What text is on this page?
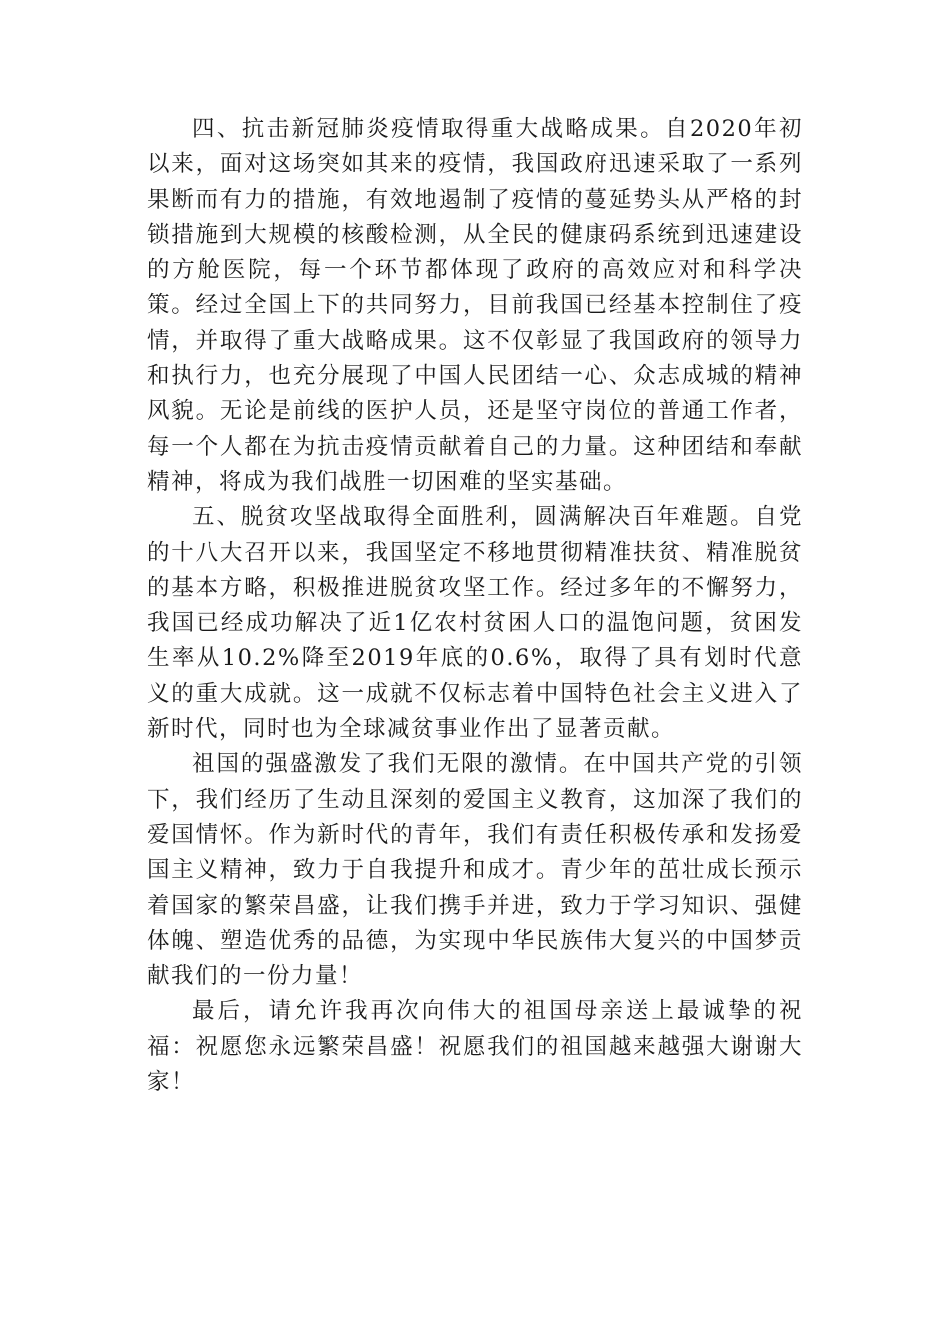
四、抗击新冠肺炎疫情取得重大战略成果。自2020年初以来，面对这场突如其来的疫情，我国政府迅速采取了一系列果断而有力的措施，有效地遏制了疫情的蔓延势头从严格的封锁措施到大规模的核酸检测，从全民的健康码系统到迅速建设的方舱医院，每一个环节都体现了政府的高效应对和科学决策。经过全国上下的共同努力，目前我国已经基本控制住了疫情，并取得了重大战略成果。这不仅彰显了我国政府的领导力和执行力，也充分展现了中国人民团结一心、众志成城的精神风貌。无论是前线的医护人员，还是坚守岗位的普通工作者，每一个人都在为抗击疫情贡献着自己的力量。这种团结和奉献精神，将成为我们战胜一切困难的坚实基础。

五、脱贫攻坚战取得全面胜利，圆满解决百年难题。自党的十八大召开以来，我国坚定不移地贯彻精准扶贫、精准脱贫的基本方略，积极推进脱贫攻坚工作。经过多年的不懈努力，我国已经成功解决了近1亿农村贫困人口的温饱问题，贫困发生率从10.2%降至2019年底的0.6%，取得了具有划时代意义的重大成就。这一成就不仅标志着中国特色社会主义进入了新时代，同时也为全球减贫事业作出了显著贡献。

祖国的强盛激发了我们无限的激情。在中国共产党的引领下，我们经历了生动且深刻的爱国主义教育，这加深了我们的爱国情怀。作为新时代的青年，我们有责任积极传承和发扬爱国主义精神，致力于自我提升和成才。青少年的茁壮成长预示着国家的繁荣昌盛，让我们携手并进，致力于学习知识、强健体魄、塑造优秀的品德，为实现中华民族伟大复兴的中国梦贡献我们的一份力量！

最后，请允许我再次向伟大的祖国母亲送上最诚挚的祝福：祝愿您永远繁荣昌盛！祝愿我们的祖国越来越强大谢谢大家！
